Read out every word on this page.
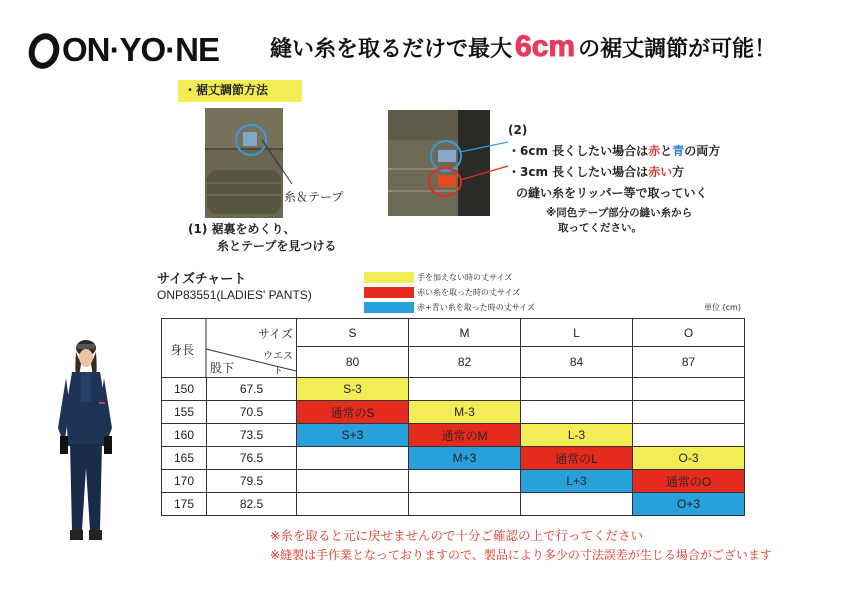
ON·YO·NE 縫い糸を取るだけで最大 6cm の裾丈調節が可能！
・裾丈調節方法
糸＆テープ
(1) 裾裏をめくり、
糸とテープを見つける
(2)
・6cm 長くしたい場合は赤と青の両方
・3cm 長くしたい場合は赤い方
の縫い糸をリッパー等で取っていく
※同色テープ部分の縫い糸から
取ってください。
サイズチャート
ONP83551(LADIES' PANTS)
手を加えない時の丈サイズ
赤い糸を取った時の丈サイズ
赤+青い糸を取った時の丈サイズ	単位 (cm)
身長
サイズ
ウエスト
股下		S	M	L	O
		80	82	84	87
150	67.5	S-3			
155	70.5	通常のS	M-3		
160	73.5	S+3	通常のM	L-3	
165	76.5		M+3	通常のL	O-3
170	79.5			L+3	通常のO
175	82.5				O+3
※糸を取ると元に戻せませんので十分ご確認の上で行ってください
※縫製は手作業となっておりますので、製品により多少の寸法誤差が生じる場合がございます
